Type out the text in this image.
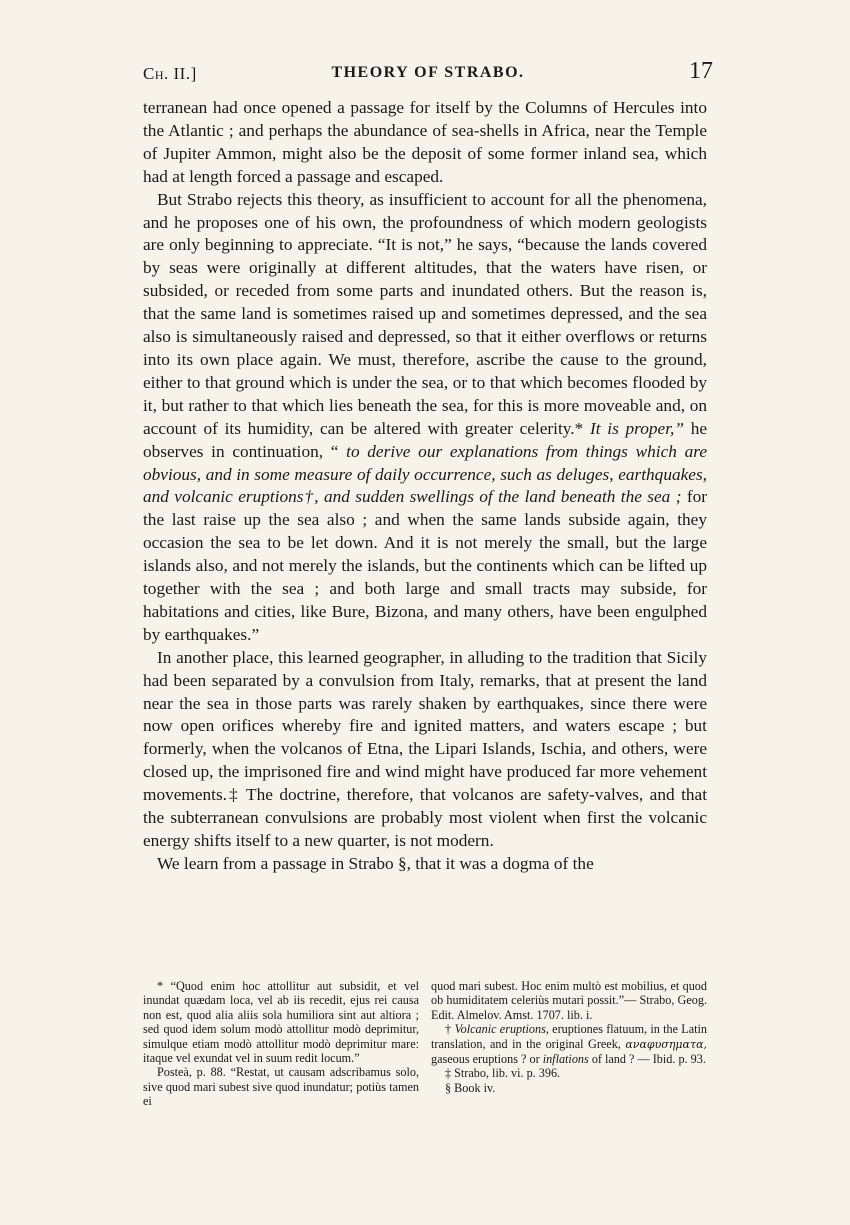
Ch. II.]	THEORY OF STRABO.	17

terranean had once opened a passage for itself by the Columns of Hercules into the Atlantic ; and perhaps the abundance of sea-shells in Africa, near the Temple of Jupiter Ammon, might also be the deposit of some former inland sea, which had at length forced a passage and escaped.

But Strabo rejects this theory, as insufficient to account for all the phenomena, and he proposes one of his own, the profoundness of which modern geologists are only beginning to appreciate. “It is not,” he says, “because the lands covered by seas were originally at different altitudes, that the waters have risen, or subsided, or receded from some parts and inundated others. But the reason is, that the same land is sometimes raised up and sometimes depressed, and the sea also is simultaneously raised and depressed, so that it either overflows or returns into its own place again. We must, therefore, ascribe the cause to the ground, either to that ground which is under the sea, or to that which becomes flooded by it, but rather to that which lies beneath the sea, for this is more moveable and, on account of its humidity, can be altered with greater celerity.* It is proper,” he observes in continuation, “ to derive our explanations from things which are obvious, and in some measure of daily occurrence, such as deluges, earthquakes, and volcanic eruptions†, and sudden swellings of the land beneath the sea ; for the last raise up the sea also ; and when the same lands subside again, they occasion the sea to be let down. And it is not merely the small, but the large islands also, and not merely the islands, but the continents which can be lifted up together with the sea ; and both large and small tracts may subside, for habitations and cities, like Bure, Bizona, and many others, have been engulphed by earthquakes.”

In another place, this learned geographer, in alluding to the tradition that Sicily had been separated by a convulsion from Italy, remarks, that at present the land near the sea in those parts was rarely shaken by earthquakes, since there were now open orifices whereby fire and ignited matters, and waters escape ; but formerly, when the volcanos of Etna, the Lipari Islands, Ischia, and others, were closed up, the imprisoned fire and wind might have produced far more vehement movements.‡ The doctrine, therefore, that volcanos are safety-valves, and that the subterranean convulsions are probably most violent when first the volcanic energy shifts itself to a new quarter, is not modern.

We learn from a passage in Strabo §, that it was a dogma of the

* “Quod enim hoc attollitur aut subsidit, et vel inundat quædam loca, vel ab iis recedit, ejus rei causa non est, quod alia aliis sola humiliora sint aut altiora ; sed quod idem solum modò attollitur modò deprimitur, simulque etiam modò attollitur modò deprimitur mare: itaque vel exundat vel in suum redit locum.”

Posteà, p. 88. “Restat, ut causam adscribamus solo, sive quod mari subest sive quod inundatur; potiùs tamen ei

quod mari subest. Hoc enim multò est mobilius, et quod ob humiditatem celeriùs mutari possit.”— Strabo, Geog. Edit. Almelov. Amst. 1707. lib. i.

† Volcanic eruptions, eruptiones flatuum, in the Latin translation, and in the original Greek, αναφυσηματα, gaseous eruptions ? or inflations of land ? — Ibid. p. 93.

‡ Strabo, lib. vi. p. 396.

§ Book iv.
